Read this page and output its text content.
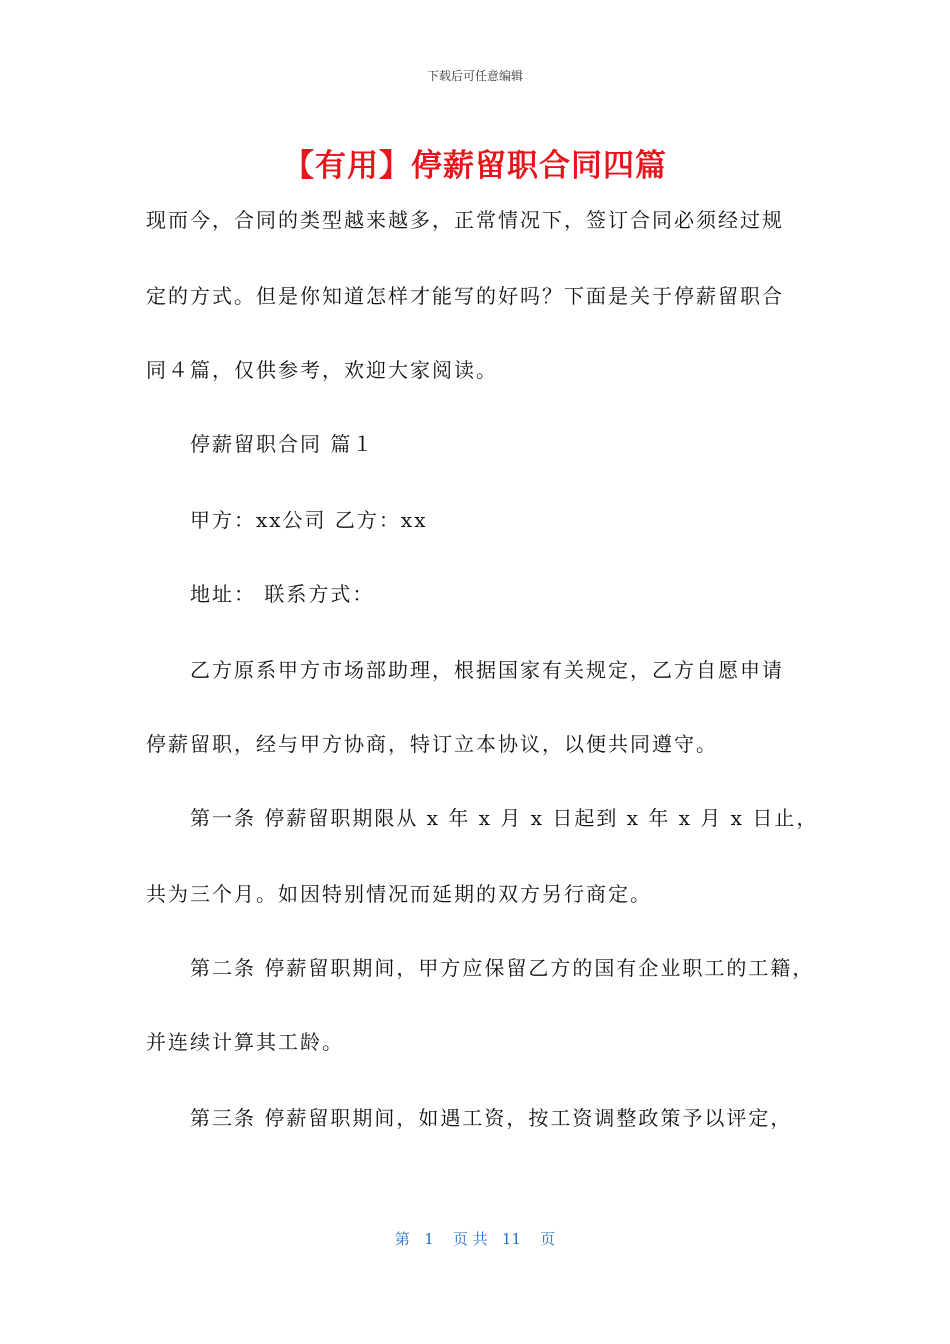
下载后可任意编辑
【有用】停薪留职合同四篇
现而今，合同的类型越来越多，正常情况下，签订合同必须经过规
定的方式。但是你知道怎样才能写的好吗？下面是关于停薪留职合
同４篇，仅供参考，欢迎大家阅读。
停薪留职合同 篇１
甲方：xx公司 乙方：xx
地址： 联系方式：
乙方原系甲方市场部助理，根据国家有关规定，乙方自愿申请
停薪留职，经与甲方协商，特订立本协议，以便共同遵守。
第一条 停薪留职期限从 x 年 x 月 x 日起到 x 年 x 月 x 日止，
共为三个月。如因特别情况而延期的双方另行商定。
第二条 停薪留职期间，甲方应保留乙方的国有企业职工的工籍，
并连续计算其工龄。
第三条 停薪留职期间，如遇工资，按工资调整政策予以评定，
第   1    页 共   11    页
